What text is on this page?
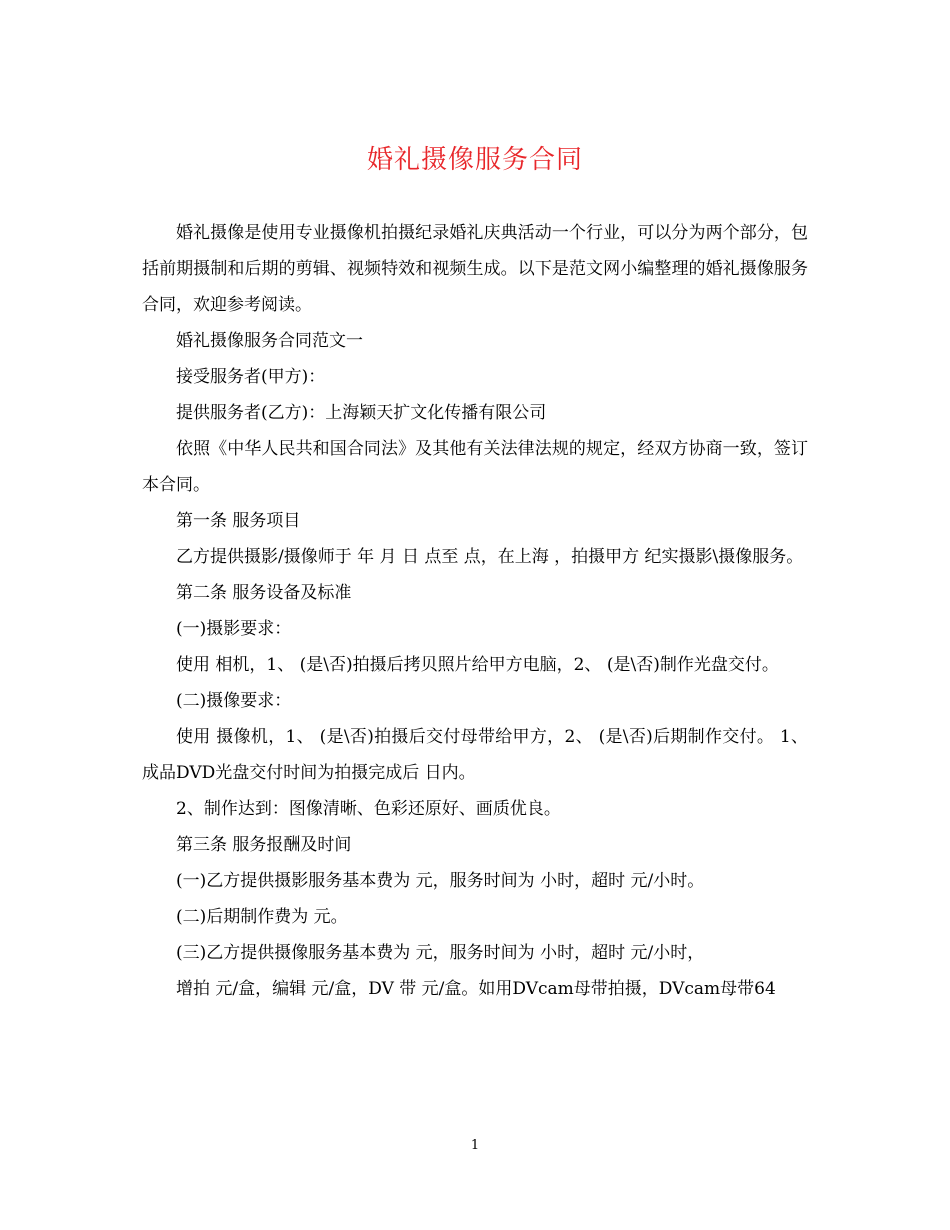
婚礼摄像服务合同

婚礼摄像是使用专业摄像机拍摄纪录婚礼庆典活动一个行业，可以分为两个部分，包括前期摄制和后期的剪辑、视频特效和视频生成。以下是范文网小编整理的婚礼摄像服务合同，欢迎参考阅读。

婚礼摄像服务合同范文一

接受服务者(甲方)：

提供服务者(乙方)：上海颖天扩文化传播有限公司

依照《中华人民共和国合同法》及其他有关法律法规的规定，经双方协商一致，签订本合同。

第一条 服务项目

乙方提供摄影/摄像师于 年 月 日 点至 点，在上海 ，拍摄甲方 纪实摄影\摄像服务。

第二条 服务设备及标准

(一)摄影要求：

使用 相机，1、 (是\否)拍摄后拷贝照片给甲方电脑，2、 (是\否)制作光盘交付。

(二)摄像要求：

使用 摄像机，1、 (是\否)拍摄后交付母带给甲方，2、 (是\否)后期制作交付。 1、成品DVD光盘交付时间为拍摄完成后 日内。

2、制作达到：图像清晰、色彩还原好、画质优良。

第三条 服务报酬及时间

(一)乙方提供摄影服务基本费为 元，服务时间为 小时，超时 元/小时。

(二)后期制作费为 元。

(三)乙方提供摄像服务基本费为 元，服务时间为 小时，超时 元/小时，

增拍 元/盒，编辑 元/盒，DV 带 元/盒。如用DVcam母带拍摄，DVcam母带64

1
